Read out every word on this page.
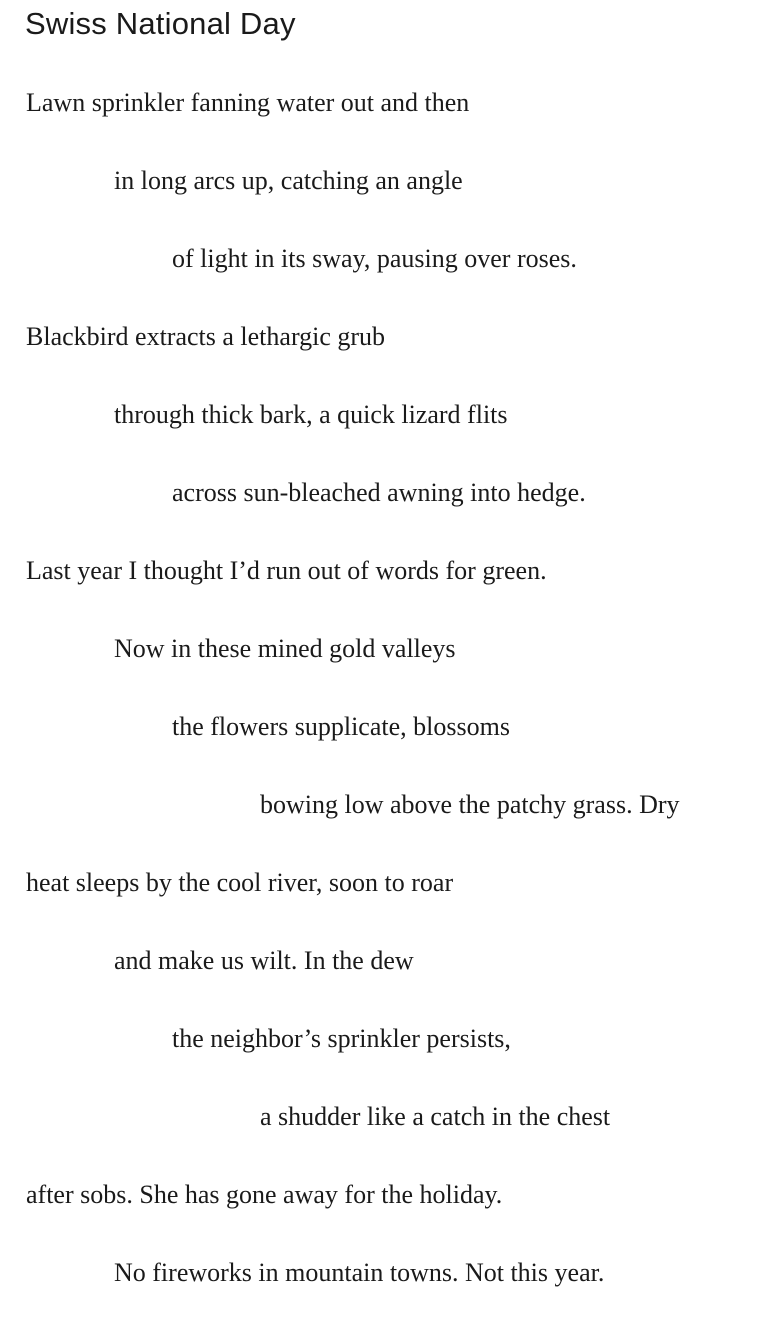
Swiss National Day
Lawn sprinkler fanning water out and then
in long arcs up, catching an angle
of light in its sway, pausing over roses.
Blackbird extracts a lethargic grub
through thick bark, a quick lizard flits
across sun-bleached awning into hedge.
Last year I thought I’d run out of words for green.
Now in these mined gold valleys
the flowers supplicate, blossoms
bowing low above the patchy grass. Dry
heat sleeps by the cool river, soon to roar
and make us wilt. In the dew
the neighbor’s sprinkler persists,
a shudder like a catch in the chest
after sobs. She has gone away for the holiday.
No fireworks in mountain towns. Not this year.
